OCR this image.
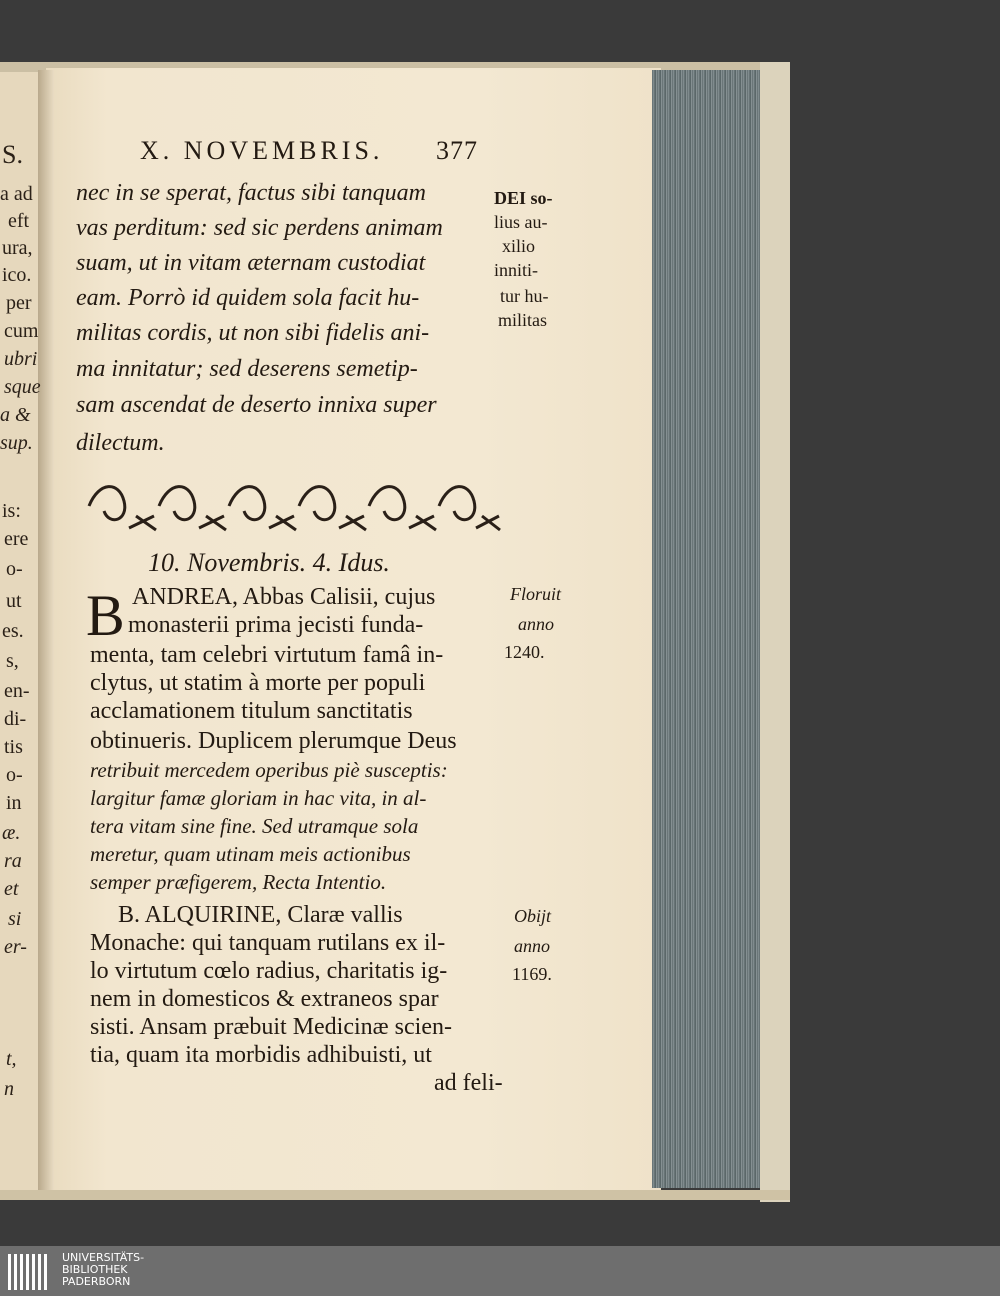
S.
a ad
eft
ura,
ico.
per
cum
ubri
sque
a &
sup.
is:
ere
o-
ut
es.
s,
en-
di-
tis
o-
in
æ.
ra
et
si
er-
t,
n
X. NOVEMBRIS. 377
nec in se sperat, factus sibi tanquam
vas perditum: sed sic perdens animam
suam, ut in vitam æternam custodiat
eam. Porrò id quidem sola facit hu-
militas cordis, ut non sibi fidelis ani-
ma innitatur; sed deserens semetip-
sam ascendat de deserto innixa super
dilectum.
DEI so-
lius au-
xilio
inniti-
tur hu-
militas
10. Novembris. 4. Idus.
B ANDREA, Abbas Calisii, cujus
monasterii prima jecisti funda-
menta, tam celebri virtutum famâ in-
clytus, ut statim à morte per populi
acclamationem titulum sanctitatis
obtinueris. Duplicem plerumque Deus
retribuit mercedem operibus piè susceptis:
largitur famæ gloriam in hac vita, in al-
tera vitam sine fine. Sed utramque sola
meretur, quam utinam meis actionibus
semper præfigerem, Recta Intentio.
Floruit
anno
1240.
B. ALQUIRINE, Claræ vallis
Monache: qui tanquam rutilans ex il-
lo virtutum cœlo radius, charitatis ig-
nem in domesticos & extraneos spar
sisti. Ansam præbuit Medicinæ scien-
tia, quam ita morbidis adhibuisti, ut
ad feli-
Obijt
anno
1169.
UNIVERSITÄTS-
BIBLIOTHEK
PADERBORN
